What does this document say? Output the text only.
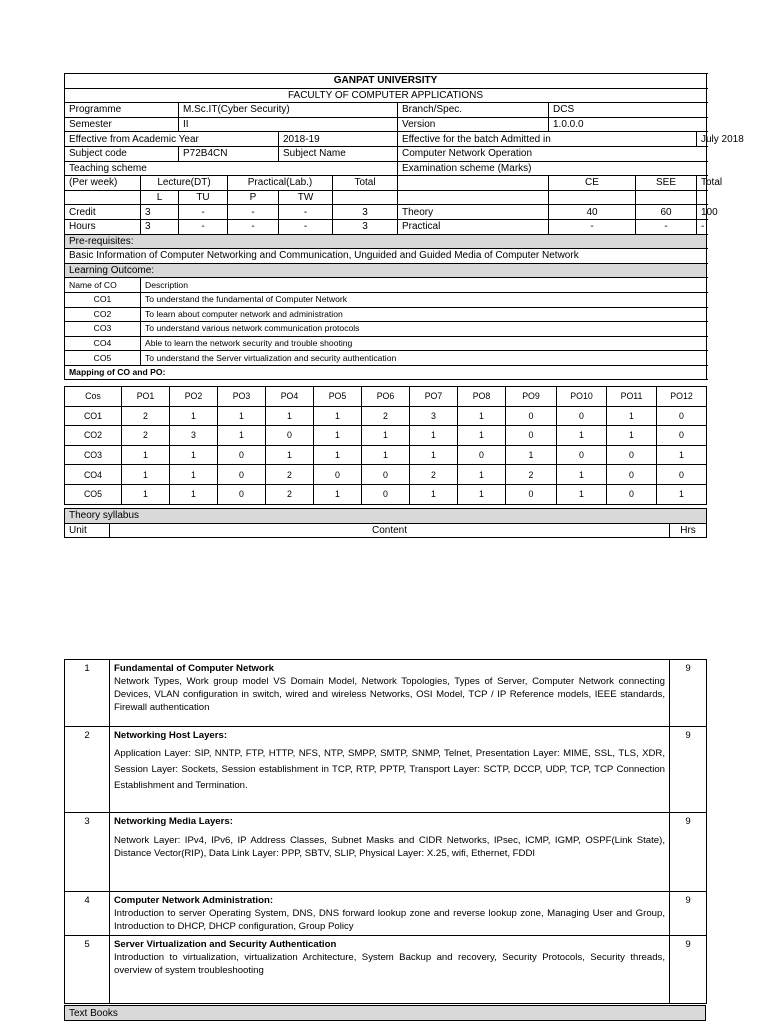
GANPAT UNIVERSITY									
FACULTY OF COMPUTER APPLICATIONS									
Programme		M.Sc.IT(Cyber Security)				Branch/Spec.	DCS		
Semester		II				Version	1.0.0.0		
Effective from Academic Year				2018-19		Effective for the batch Admitted in			July 2018
Subject code		P72B4CN		Subject Name		Computer Network Operation			
Teaching scheme						Examination scheme (Marks)			
(Per week)	Lecture(DT)		Practical(Lab.)		Total		CE	SEE	Total
	L	TU	P	TW					
Credit	3	-	-	-	3	Theory	40	60	100
Hours	3	-	-	-	3	Practical	-	-	-
Pre-requisites:									
Basic Information of Computer Networking and Communication, Unguided and Guided Media of Computer Network									
Learning Outcome:									
Name of CO	Description								
CO1	To understand the fundamental of Computer Network								
CO2	To learn about computer network and administration								
CO3	To understand various network communication protocols								
CO4	Able to learn the network security and trouble shooting								
CO5	To understand the Server virtualization and security authentication								
Mapping of CO and PO:									
Cos	PO1	PO2	PO3	PO4	PO5	PO6	PO7	PO8	PO9	PO10	PO11	PO12
CO1	2	1	1	1	1	2	3	1	0	0	1	0
CO2	2	3	1	0	1	1	1	1	0	1	1	0
CO3	1	1	0	1	1	1	1	0	1	0	0	1
CO4	1	1	0	2	0	0	2	1	2	1	0	0
CO5	1	1	0	2	1	0	1	1	0	1	0	1
Theory syllabus
Unit	Content	Hrs
1	Fundamental of Computer Network
Network Types, Work group model VS Domain Model, Network Topologies, Types of Server, Computer Network connecting Devices, VLAN configuration in switch, wired and wireless Networks, OSI Model, TCP / IP Reference models, IEEE standards, Firewall authentication	9
2	Networking Host Layers:
Application Layer: SIP, NNTP, FTP, HTTP, NFS, NTP, SMPP, SMTP, SNMP, Telnet, Presentation Layer: MIME, SSL, TLS, XDR, Session Layer: Sockets, Session establishment in TCP, RTP, PPTP, Transport Layer: SCTP, DCCP, UDP, TCP, TCP Connection Establishment and Termination.	9
3	Networking Media Layers:
Network Layer: IPv4, IPv6, IP Address Classes, Subnet Masks and CIDR Networks, IPsec, ICMP, IGMP, OSPF(Link State), Distance Vector(RIP), Data Link Layer: PPP, SBTV, SLIP, Physical Layer: X.25, wifi, Ethernet, FDDI	9
4	Computer Network Administration:
Introduction to server Operating System, DNS, DNS forward lookup zone and reverse lookup zone, Managing User and Group, Introduction to DHCP, DHCP configuration, Group Policy	9
5	Server Virtualization and Security Authentication
Introduction to virtualization, virtualization Architecture, System Backup and recovery, Security Protocols, Security threads, overview of system troubleshooting	9
Text Books
